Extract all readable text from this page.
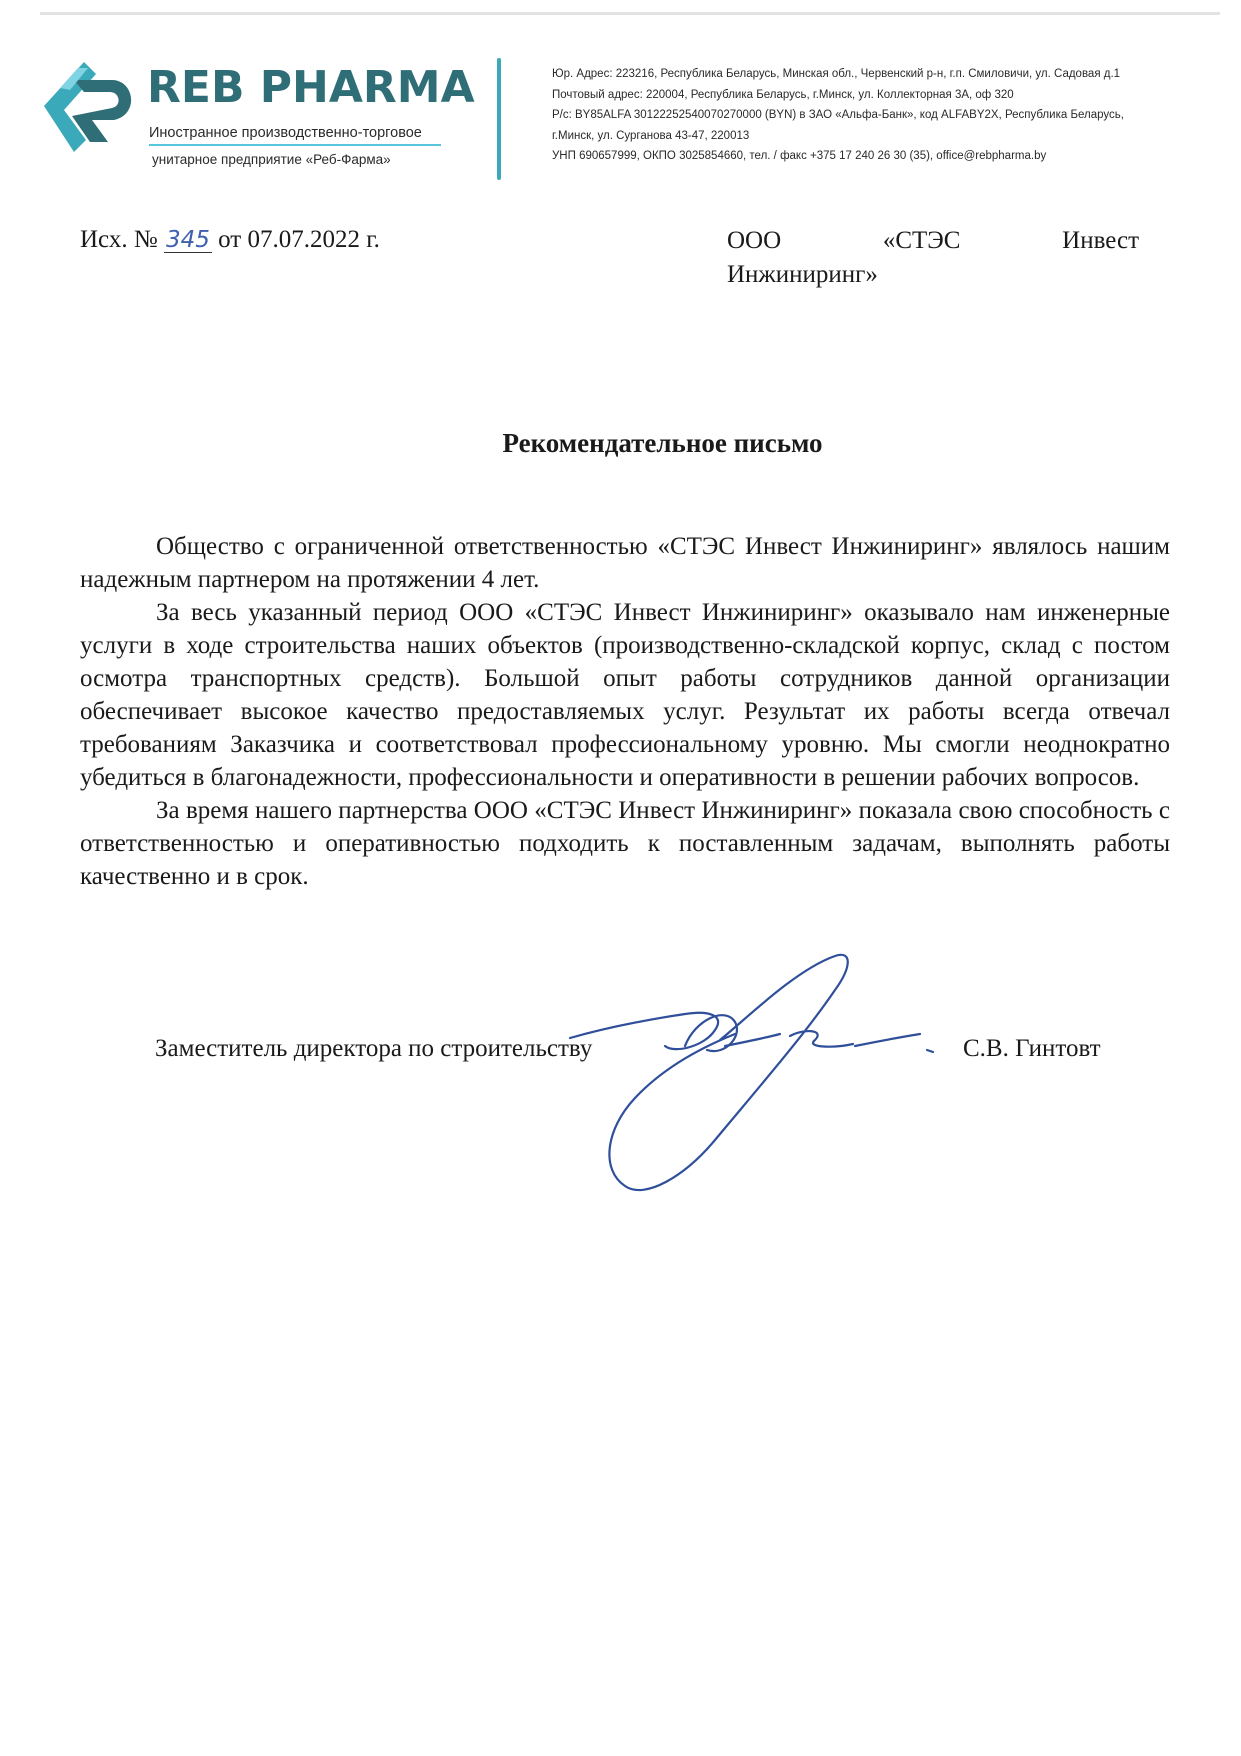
REB PHARMA
Иностранное производственно-торговое
унитарное предприятие «Реб-Фарма»
Юр. Адрес: 223216, Республика Беларусь, Минская обл., Червенский р-н, г.п. Смиловичи, ул. Садовая д.1
Почтовый адрес: 220004, Республика Беларусь, г.Минск, ул. Коллекторная 3А, оф 320
Р/с: BY85ALFA 30122252540070270000 (BYN) в ЗАО «Альфа-Банк», код ALFABY2X, Республика Беларусь,
г.Минск, ул. Сурганова 43-47, 220013
УНП 690657999, ОКПО 3025854660, тел. / факс +375 17 240 26 30 (35), office@rebpharma.by
Исх. № 345 от 07.07.2022 г.	ООО «СТЭС Инвест
Инжиниринг»
Рекомендательное письмо

Общество с ограниченной ответственностью «СТЭС Инвест Инжиниринг» являлось нашим надежным партнером на протяжении 4 лет.

За весь указанный период ООО «СТЭС Инвест Инжиниринг» оказывало нам инженерные услуги в ходе строительства наших объектов (производственно-складской корпус, склад с постом осмотра транспортных средств). Большой опыт работы сотрудников данной организации обеспечивает высокое качество предоставляемых услуг. Результат их работы всегда отвечал требованиям Заказчика и соответствовал профессиональному уровню. Мы смогли неоднократно убедиться в благонадежности, профессиональности и оперативности в решении рабочих вопросов.

За время нашего партнерства ООО «СТЭС Инвест Инжиниринг» показала свою способность с ответственностью и оперативностью подходить к поставленным задачам, выполнять работы качественно и в срок.

Заместитель директора по строительству	С.В. Гинтовт
